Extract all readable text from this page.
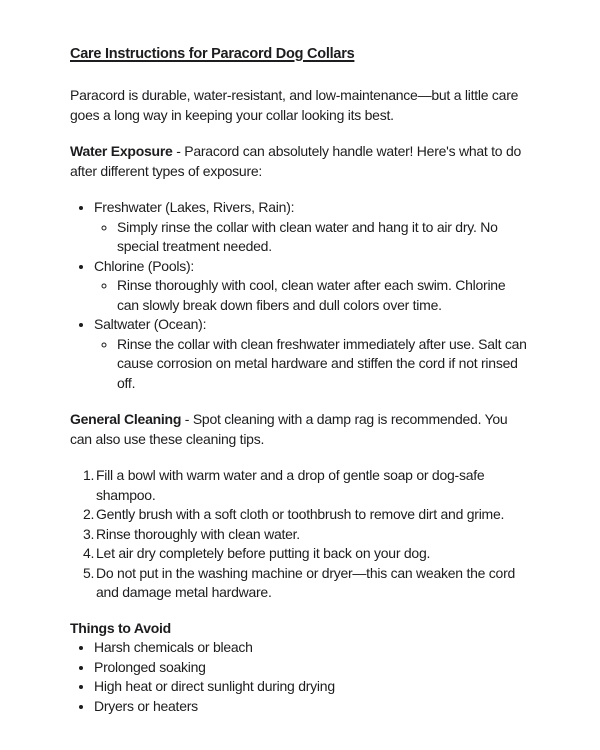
Care Instructions for Paracord Dog Collars

Paracord is durable, water-resistant, and low-maintenance—but a little care goes a long way in keeping your collar looking its best.

Water Exposure - Paracord can absolutely handle water! Here's what to do after different types of exposure:

• Freshwater (Lakes, Rivers, Rain):
◦ Simply rinse the collar with clean water and hang it to air dry. No special treatment needed.
• Chlorine (Pools):
◦ Rinse thoroughly with cool, clean water after each swim. Chlorine can slowly break down fibers and dull colors over time.
• Saltwater (Ocean):
◦ Rinse the collar with clean freshwater immediately after use. Salt can cause corrosion on metal hardware and stiffen the cord if not rinsed off.

General Cleaning - Spot cleaning with a damp rag is recommended. You can also use these cleaning tips.

Fill a bowl with warm water and a drop of gentle soap or dog-safe shampoo.
Gently brush with a soft cloth or toothbrush to remove dirt and grime.
Rinse thoroughly with clean water.
Let air dry completely before putting it back on your dog.
Do not put in the washing machine or dryer—this can weaken the cord and damage metal hardware.

Things to Avoid

• Harsh chemicals or bleach
• Prolonged soaking
• High heat or direct sunlight during drying
• Dryers or heaters
